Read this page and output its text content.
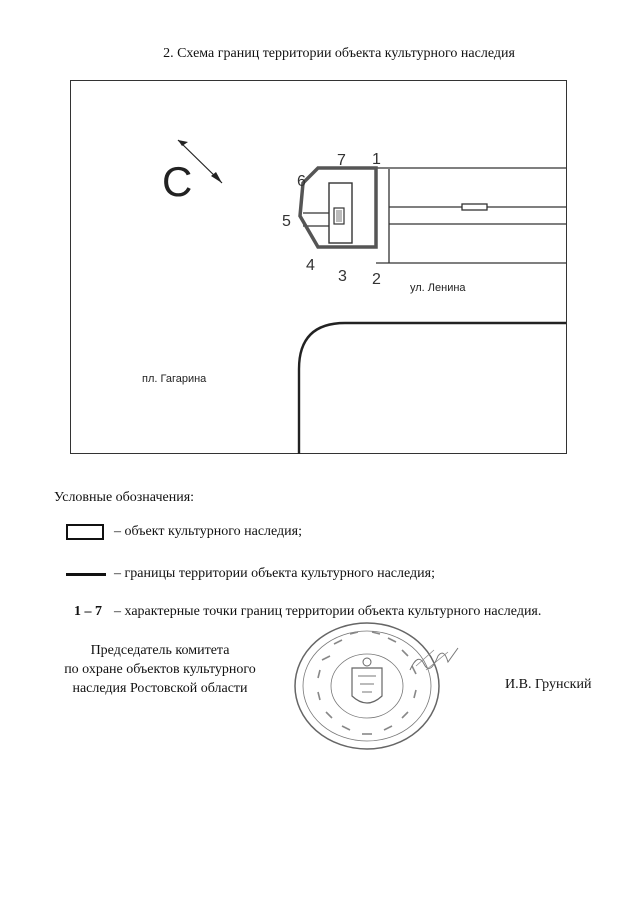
2. Схема границ территории объекта культурного наследия
С	1
2
3
4
5
6
7
ул. Ленина
пл. Гагарина
Условные обозначения:
– объект культурного наследия;
– границы территории объекта культурного наследия;
1 – 7 – характерные точки границ территории объекта культурного наследия.
Председатель комитета
по охране объектов культурного
наследия Ростовской области	И.В. Грунский
